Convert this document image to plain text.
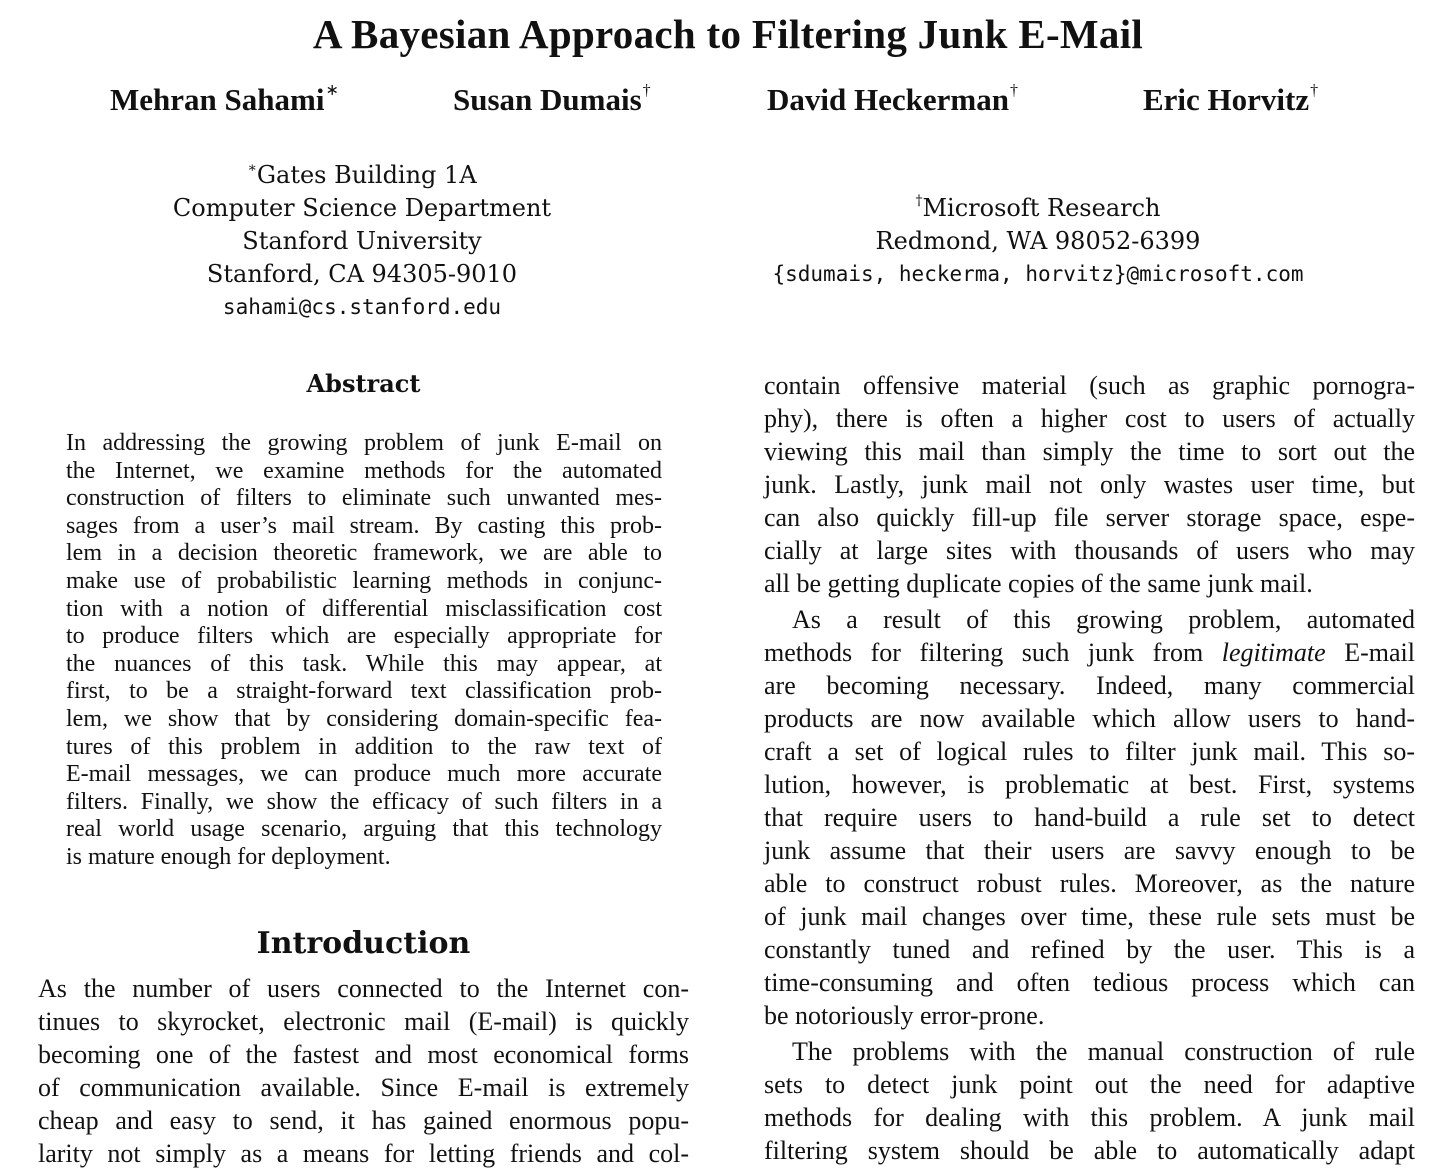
A Bayesian Approach to Filtering Junk E-Mail
Mehran Sahami∗	Susan Dumais†	David Heckerman†	Eric Horvitz†
∗Gates Building 1A
Computer Science Department
Stanford University
Stanford, CA 94305-9010
sahami@cs.stanford.edu
†Microsoft Research
Redmond, WA 98052-6399
{sdumais, heckerma, horvitz}@microsoft.com
Abstract
In addressing the growing problem of junk E-mail on
the Internet, we examine methods for the automated
construction of filters to eliminate such unwanted mes-
sages from a user’s mail stream. By casting this prob-
lem in a decision theoretic framework, we are able to
make use of probabilistic learning methods in conjunc-
tion with a notion of differential misclassification cost
to produce filters which are especially appropriate for
the nuances of this task. While this may appear, at
first, to be a straight-forward text classification prob-
lem, we show that by considering domain-specific fea-
tures of this problem in addition to the raw text of
E-mail messages, we can produce much more accurate
filters. Finally, we show the efficacy of such filters in a
real world usage scenario, arguing that this technology
is mature enough for deployment.
Introduction
As the number of users connected to the Internet con-
tinues to skyrocket, electronic mail (E-mail) is quickly
becoming one of the fastest and most economical forms
of communication available. Since E-mail is extremely
cheap and easy to send, it has gained enormous popu-
larity not simply as a means for letting friends and col-
contain offensive material (such as graphic pornogra-
phy), there is often a higher cost to users of actually
viewing this mail than simply the time to sort out the
junk. Lastly, junk mail not only wastes user time, but
can also quickly fill-up file server storage space, espe-
cially at large sites with thousands of users who may
all be getting duplicate copies of the same junk mail.
As a result of this growing problem, automated
methods for filtering such junk from legitimate E-mail
are becoming necessary. Indeed, many commercial
products are now available which allow users to hand-
craft a set of logical rules to filter junk mail. This so-
lution, however, is problematic at best. First, systems
that require users to hand-build a rule set to detect
junk assume that their users are savvy enough to be
able to construct robust rules. Moreover, as the nature
of junk mail changes over time, these rule sets must be
constantly tuned and refined by the user. This is a
time-consuming and often tedious process which can
be notoriously error-prone.
The problems with the manual construction of rule
sets to detect junk point out the need for adaptive
methods for dealing with this problem. A junk mail
filtering system should be able to automatically adapt
